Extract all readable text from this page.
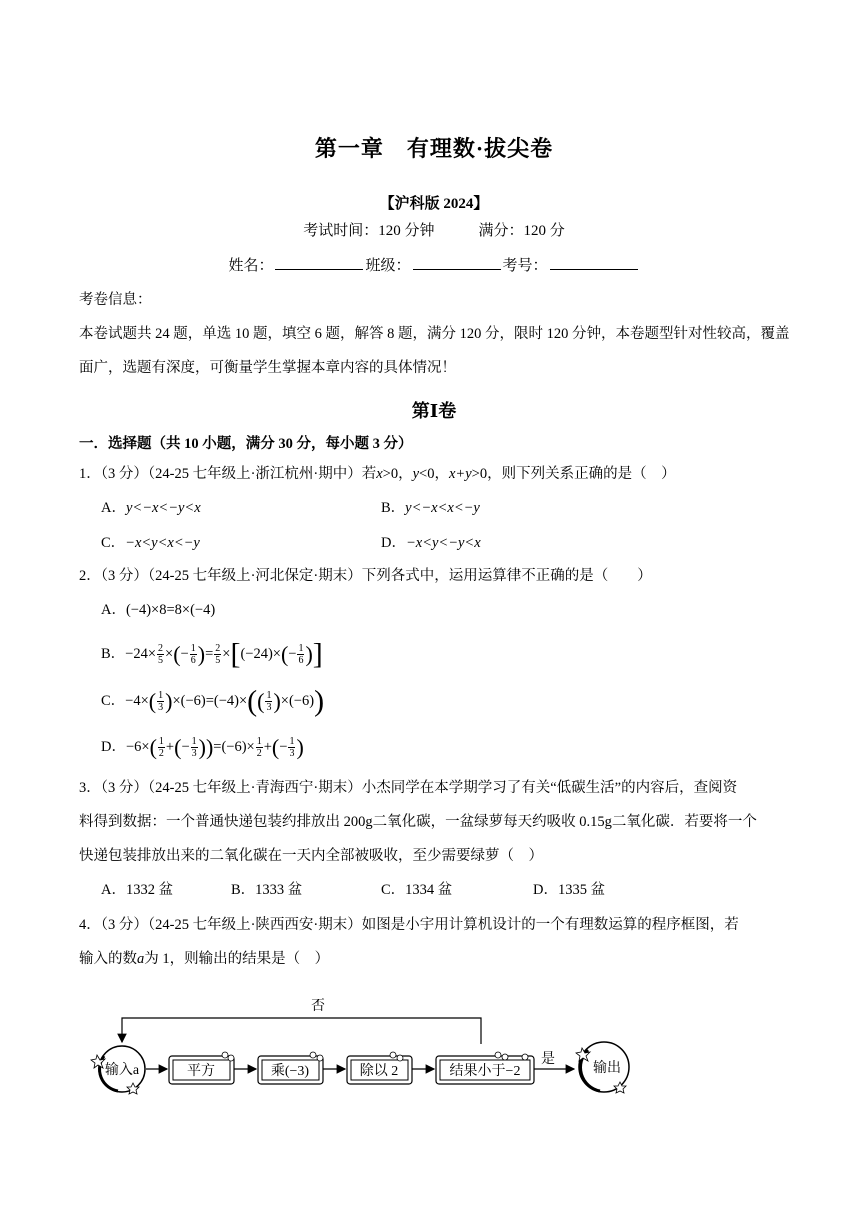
第一章　有理数·拔尖卷
【沪科版 2024】
考试时间：120 分钟	满分：120 分
姓名：	班级：	考号：
考卷信息：
本卷试题共 24 题，单选 10 题，填空 6 题，解答 8 题，满分 120 分，限时 120 分钟，本卷题型针对性较高，覆盖
面广，选题有深度，可衡量学生掌握本章内容的具体情况！
第Ⅰ卷
一．选择题（共 10 小题，满分 30 分，每小题 3 分）
1．（3 分）（24-25 七年级上·浙江杭州·期中）若x>0，y<0，x+y>0，则下列关系正确的是（　）
A．y<−x<−y<x	B．y<−x<x<−y
C．−x<y<x<−y	D．−x<y<−y<x
2．（3 分）（24-25 七年级上·河北保定·期末）下列各式中，运用运算律不正确的是（　　）
A．(−4)×8=8×(−4)
B．$-24\times \frac{2}{5}$ ×(− $\frac{1}{6}$ )= $\frac{2}{5} \times[(-24)\times(- \frac{1}{6}$ )]
C．$-4\times( \frac{1}{3} )\times(-6)=(-4)\times(( \frac{1}{3} )\times(-6))$
D．$-6\times( \frac{1}{2}$ +(− $\frac{1}{3} ))=(-6)\times \frac{1}{2}$ +(− $\frac{1}{3}$ )
3．（3 分）（24-25 七年级上·青海西宁·期末）小杰同学在本学期学习了有关“低碳生活”的内容后，查阅资
料得到数据：一个普通快递包装约排放出 200g二氧化碳，一盆绿萝每天约吸收 0.15g二氧化碳．若要将一个
快递包装排放出来的二氧化碳在一天内全部被吸收，至少需要绿萝（　）
A．1332 盆	B．1333 盆	C．1334 盆	D．1335 盆
4．（3 分）（24-25 七年级上·陕西西安·期末）如图是小宇用计算机设计的一个有理数运算的程序框图，若
输入的数a为 1，则输出的结果是（　）
否
输入a	平方	乘(−3)	除以 2	结果小于−2
是
输出
